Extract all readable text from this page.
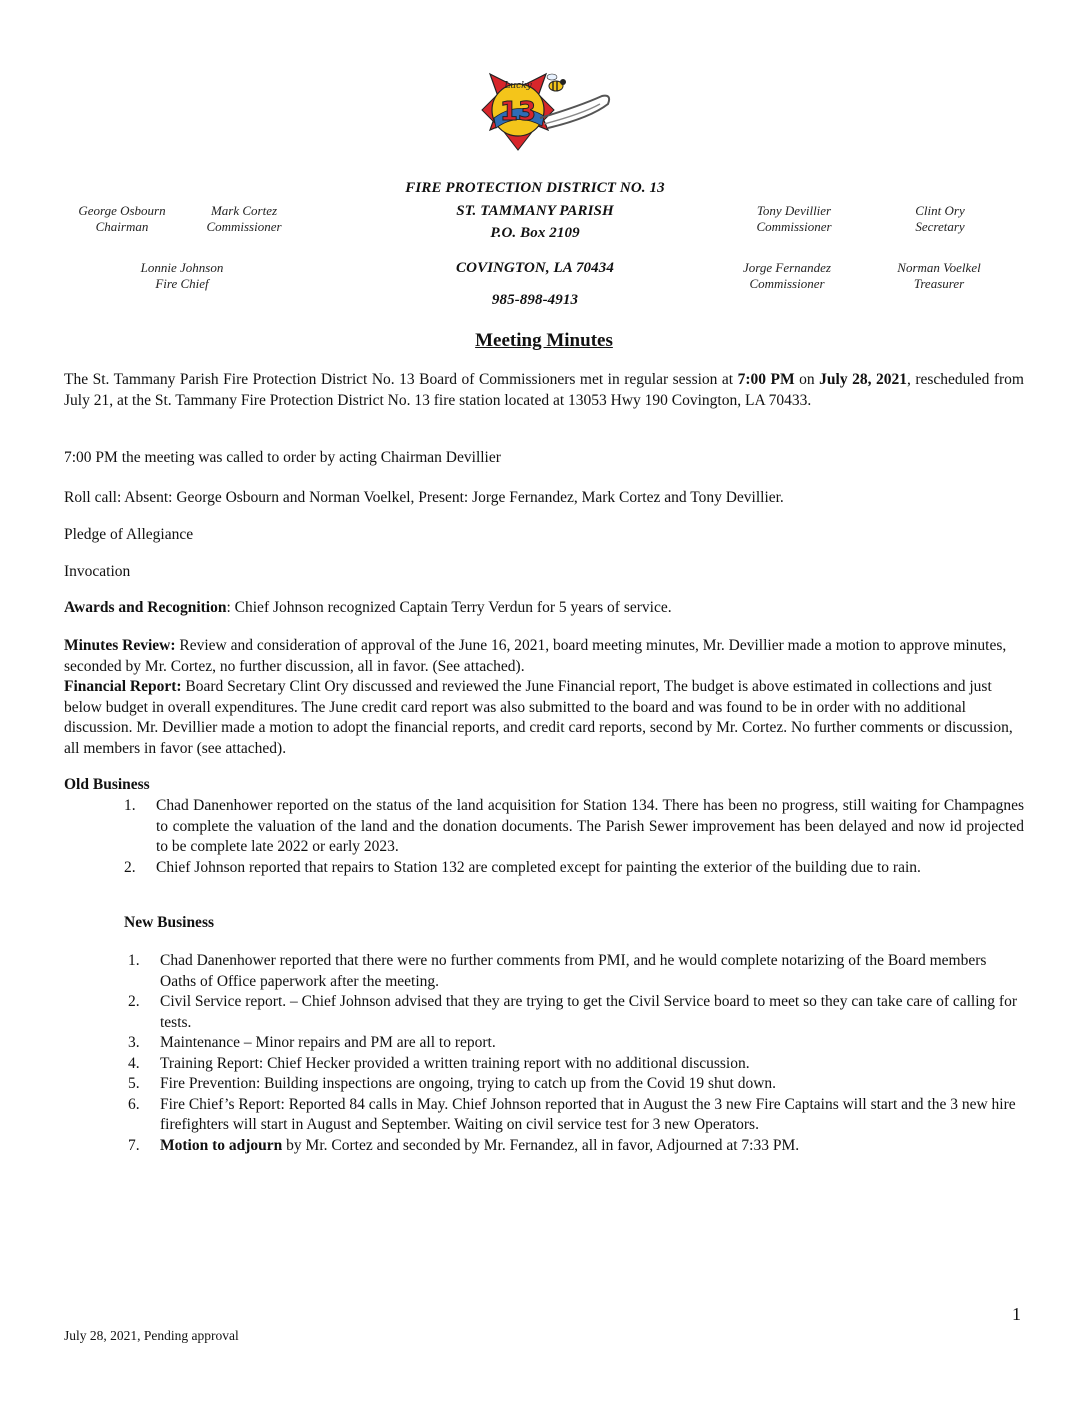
13
Lucky
FIRE PROTECTION DISTRICT NO. 13
ST. TAMMANY PARISH
P.O. Box 2109
COVINGTON, LA 70434
985-898-4913
George Osbourn
Chairman
Mark Cortez
Commissioner
Lonnie Johnson
Fire Chief
Tony Devillier
Commissioner
Clint Ory
Secretary
Jorge Fernandez
Commissioner
Norman Voelkel
Treasurer
Meeting Minutes
The St. Tammany Parish Fire Protection District No. 13 Board of Commissioners met in regular session at 7:00 PM on July 28, 2021, rescheduled from July 21, at the St. Tammany Fire Protection District No. 13 fire station located at 13053 Hwy 190 Covington, LA 70433.
7:00 PM the meeting was called to order by acting Chairman Devillier
Roll call: Absent: George Osbourn and Norman Voelkel, Present: Jorge Fernandez, Mark Cortez and Tony Devillier.
Pledge of Allegiance
Invocation
Awards and Recognition: Chief Johnson recognized Captain Terry Verdun for 5 years of service.
Minutes Review: Review and consideration of approval of the June 16, 2021, board meeting minutes, Mr. Devillier made a motion to approve minutes, seconded by Mr. Cortez, no further discussion, all in favor. (See attached).
Financial Report: Board Secretary Clint Ory discussed and reviewed the June Financial report, The budget is above estimated in collections and just below budget in overall expenditures. The June credit card report was also submitted to the board and was found to be in order with no additional discussion. Mr. Devillier made a motion to adopt the financial reports, and credit card reports, second by Mr. Cortez. No further comments or discussion, all members in favor (see attached).
Old Business
1. Chad Danenhower reported on the status of the land acquisition for Station 134. There has been no progress, still waiting for Champagnes to complete the valuation of the land and the donation documents. The Parish Sewer improvement has been delayed and now id projected to be complete late 2022 or early 2023.
2. Chief Johnson reported that repairs to Station 132 are completed except for painting the exterior of the building due to rain.
New Business
1. Chad Danenhower reported that there were no further comments from PMI, and he would complete notarizing of the Board members Oaths of Office paperwork after the meeting.
2. Civil Service report. – Chief Johnson advised that they are trying to get the Civil Service board to meet so they can take care of calling for tests.
3. Maintenance – Minor repairs and PM are all to report.
4. Training Report: Chief Hecker provided a written training report with no additional discussion.
5. Fire Prevention: Building inspections are ongoing, trying to catch up from the Covid 19 shut down.
6. Fire Chief’s Report: Reported 84 calls in May. Chief Johnson reported that in August the 3 new Fire Captains will start and the 3 new hire firefighters will start in August and September. Waiting on civil service test for 3 new Operators.
7. Motion to adjourn by Mr. Cortez and seconded by Mr. Fernandez, all in favor, Adjourned at 7:33 PM.
1
July 28, 2021, Pending approval
